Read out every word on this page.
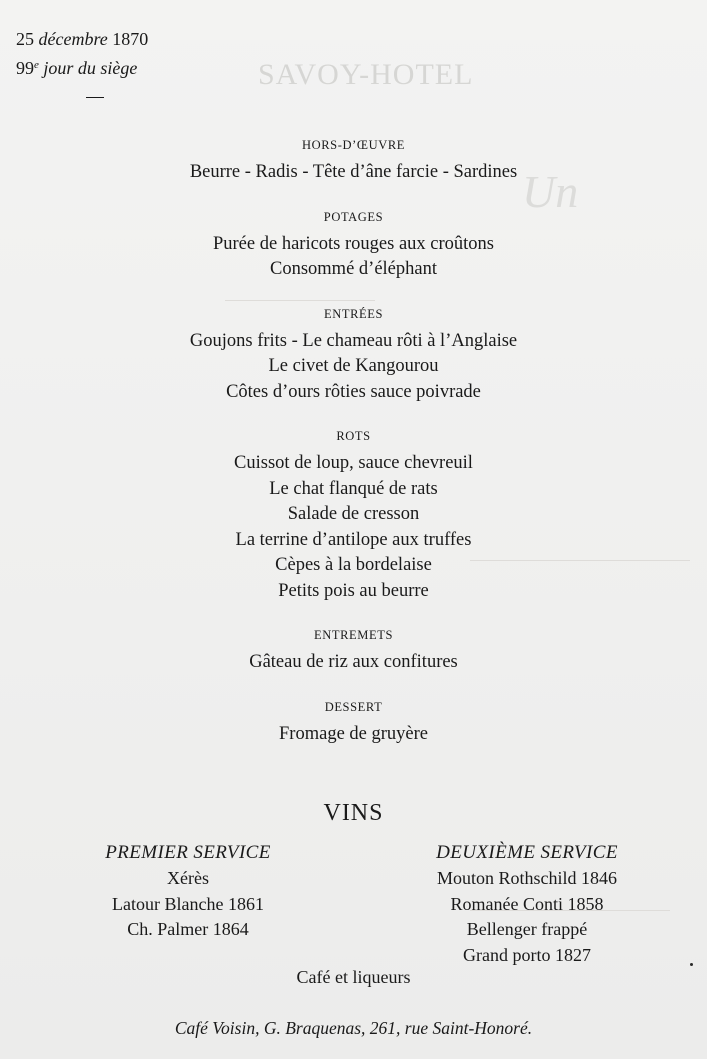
SAVOY-HOTEL
Un
25 décembre 1870
99e jour du siège
HORS-D’ŒUVRE
Beurre - Radis - Tête d’âne farcie - Sardines
POTAGES
Purée de haricots rouges aux croûtons
Consommé d’éléphant
ENTRÉES
Goujons frits - Le chameau rôti à l’Anglaise
Le civet de Kangourou
Côtes d’ours rôties sauce poivrade
ROTS
Cuissot de loup, sauce chevreuil
Le chat flanqué de rats
Salade de cresson
La terrine d’antilope aux truffes
Cèpes à la bordelaise
Petits pois au beurre
ENTREMETS
Gâteau de riz aux confitures
DESSERT
Fromage de gruyère
VINS
PREMIER SERVICE
Xérès
Latour Blanche 1861
Ch. Palmer 1864
DEUXIÈME SERVICE
Mouton Rothschild 1846
Romanée Conti 1858
Bellenger frappé
Grand porto 1827
Café et liqueurs
Café Voisin, G. Braquenas, 261, rue Saint-Honoré.
